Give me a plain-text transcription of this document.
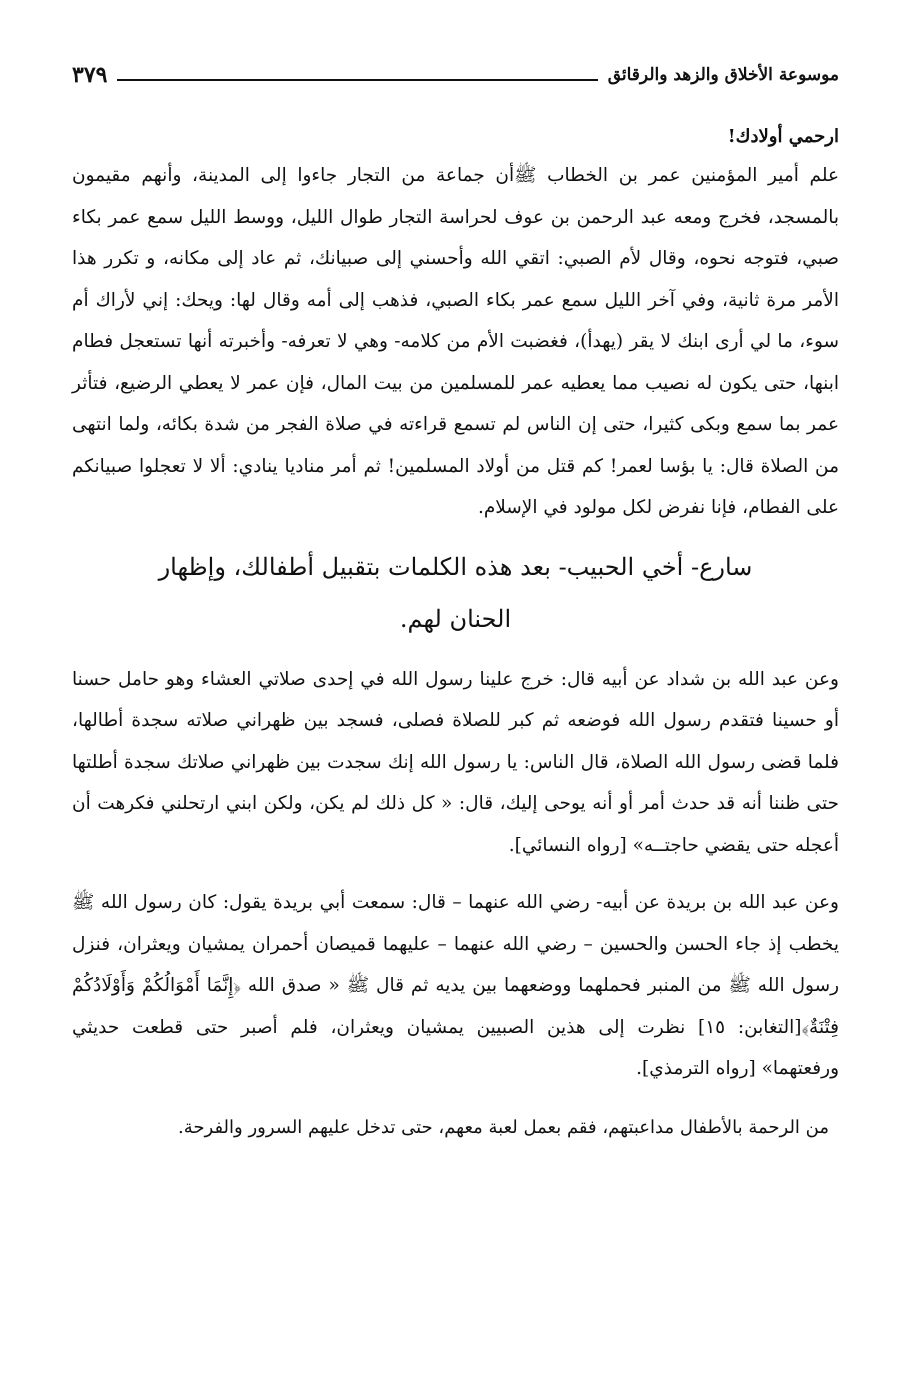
موسوعة الأخلاق والزهد والرقائق
٣٧٩
ارحمي أولادك!

علم أمير المؤمنين عمر بن الخطاب ﷺأن جماعة من التجار جاءوا إلى المدينة، وأنهم مقيمون بالمسجد، فخرج ومعه عبد الرحمن بن عوف لحراسة التجار طوال الليل، ووسط الليل سمع عمر بكاء صبي، فتوجه نحوه، وقال لأم الصبي: اتقي الله وأحسني إلى صبيانك، ثم عاد إلى مكانه، و تكرر هذا الأمر مرة ثانية، وفي آخر الليل سمع عمر بكاء الصبي، فذهب إلى أمه وقال لها: ويحك: إني لأراك أم سوء، ما لي أرى ابنك لا يقر (يهدأ)، فغضبت الأم من كلامه- وهي لا تعرفه- وأخبرته أنها تستعجل فطام ابنها، حتى يكون له نصيب مما يعطيه عمر للمسلمين من بيت المال، فإن عمر لا يعطي الرضيع، فتأثر عمر بما سمع وبكى كثيرا، حتى إن الناس لم تسمع قراءته في صلاة الفجر من شدة بكائه، ولما انتهى من الصلاة قال: يا بؤسا لعمر! كم قتل من أولاد المسلمين! ثم أمر مناديا ينادي: ألا لا تعجلوا صبيانكم على الفطام، فإنا نفرض لكل مولود في الإسلام.

سارع- أخي الحبيب- بعد هذه الكلمات بتقبيل أطفالك، وإظهار الحنان لهم.

وعن عبد الله بن شداد عن أبيه قال: خرج علينا رسول الله في إحدى صلاتي العشاء وهو حامل حسنا أو حسينا فتقدم رسول الله فوضعه ثم كبر للصلاة فصلى، فسجد بين ظهراني صلاته سجدة أطالها، فلما قضى رسول الله الصلاة، قال الناس: يا رسول الله إنك سجدت بين ظهراني صلاتك سجدة أطلتها حتى ظننا أنه قد حدث أمر أو أنه يوحى إليك، قال: « كل ذلك لم يكن، ولكن ابني ارتحلني فكرهت أن أعجله حتى يقضي حاجتــه» [رواه النسائي].

وعن عبد الله بن بريدة عن أبيه- رضي الله عنهما – قال: سمعت أبي بريدة يقول: كان رسول الله ﷺ يخطب إذ جاء الحسن والحسين – رضي الله عنهما – عليهما قميصان أحمران يمشيان ويعثران، فنزل رسول الله ﷺ من المنبر فحملهما ووضعهما بين يديه ثم قال ﷺ « صدق الله ﴿إِنَّمَا أَمْوَالُكُمْ وَأَوْلَادُكُمْ فِتْنَةٌ﴾[التغابن: ١٥] نظرت إلى هذين الصبيين يمشيان ويعثران، فلم أصبر حتى قطعت حديثي ورفعتهما» [رواه الترمذي].

من الرحمة بالأطفال مداعبتهم، فقم بعمل لعبة معهم، حتى تدخل عليهم السرور والفرحة.
